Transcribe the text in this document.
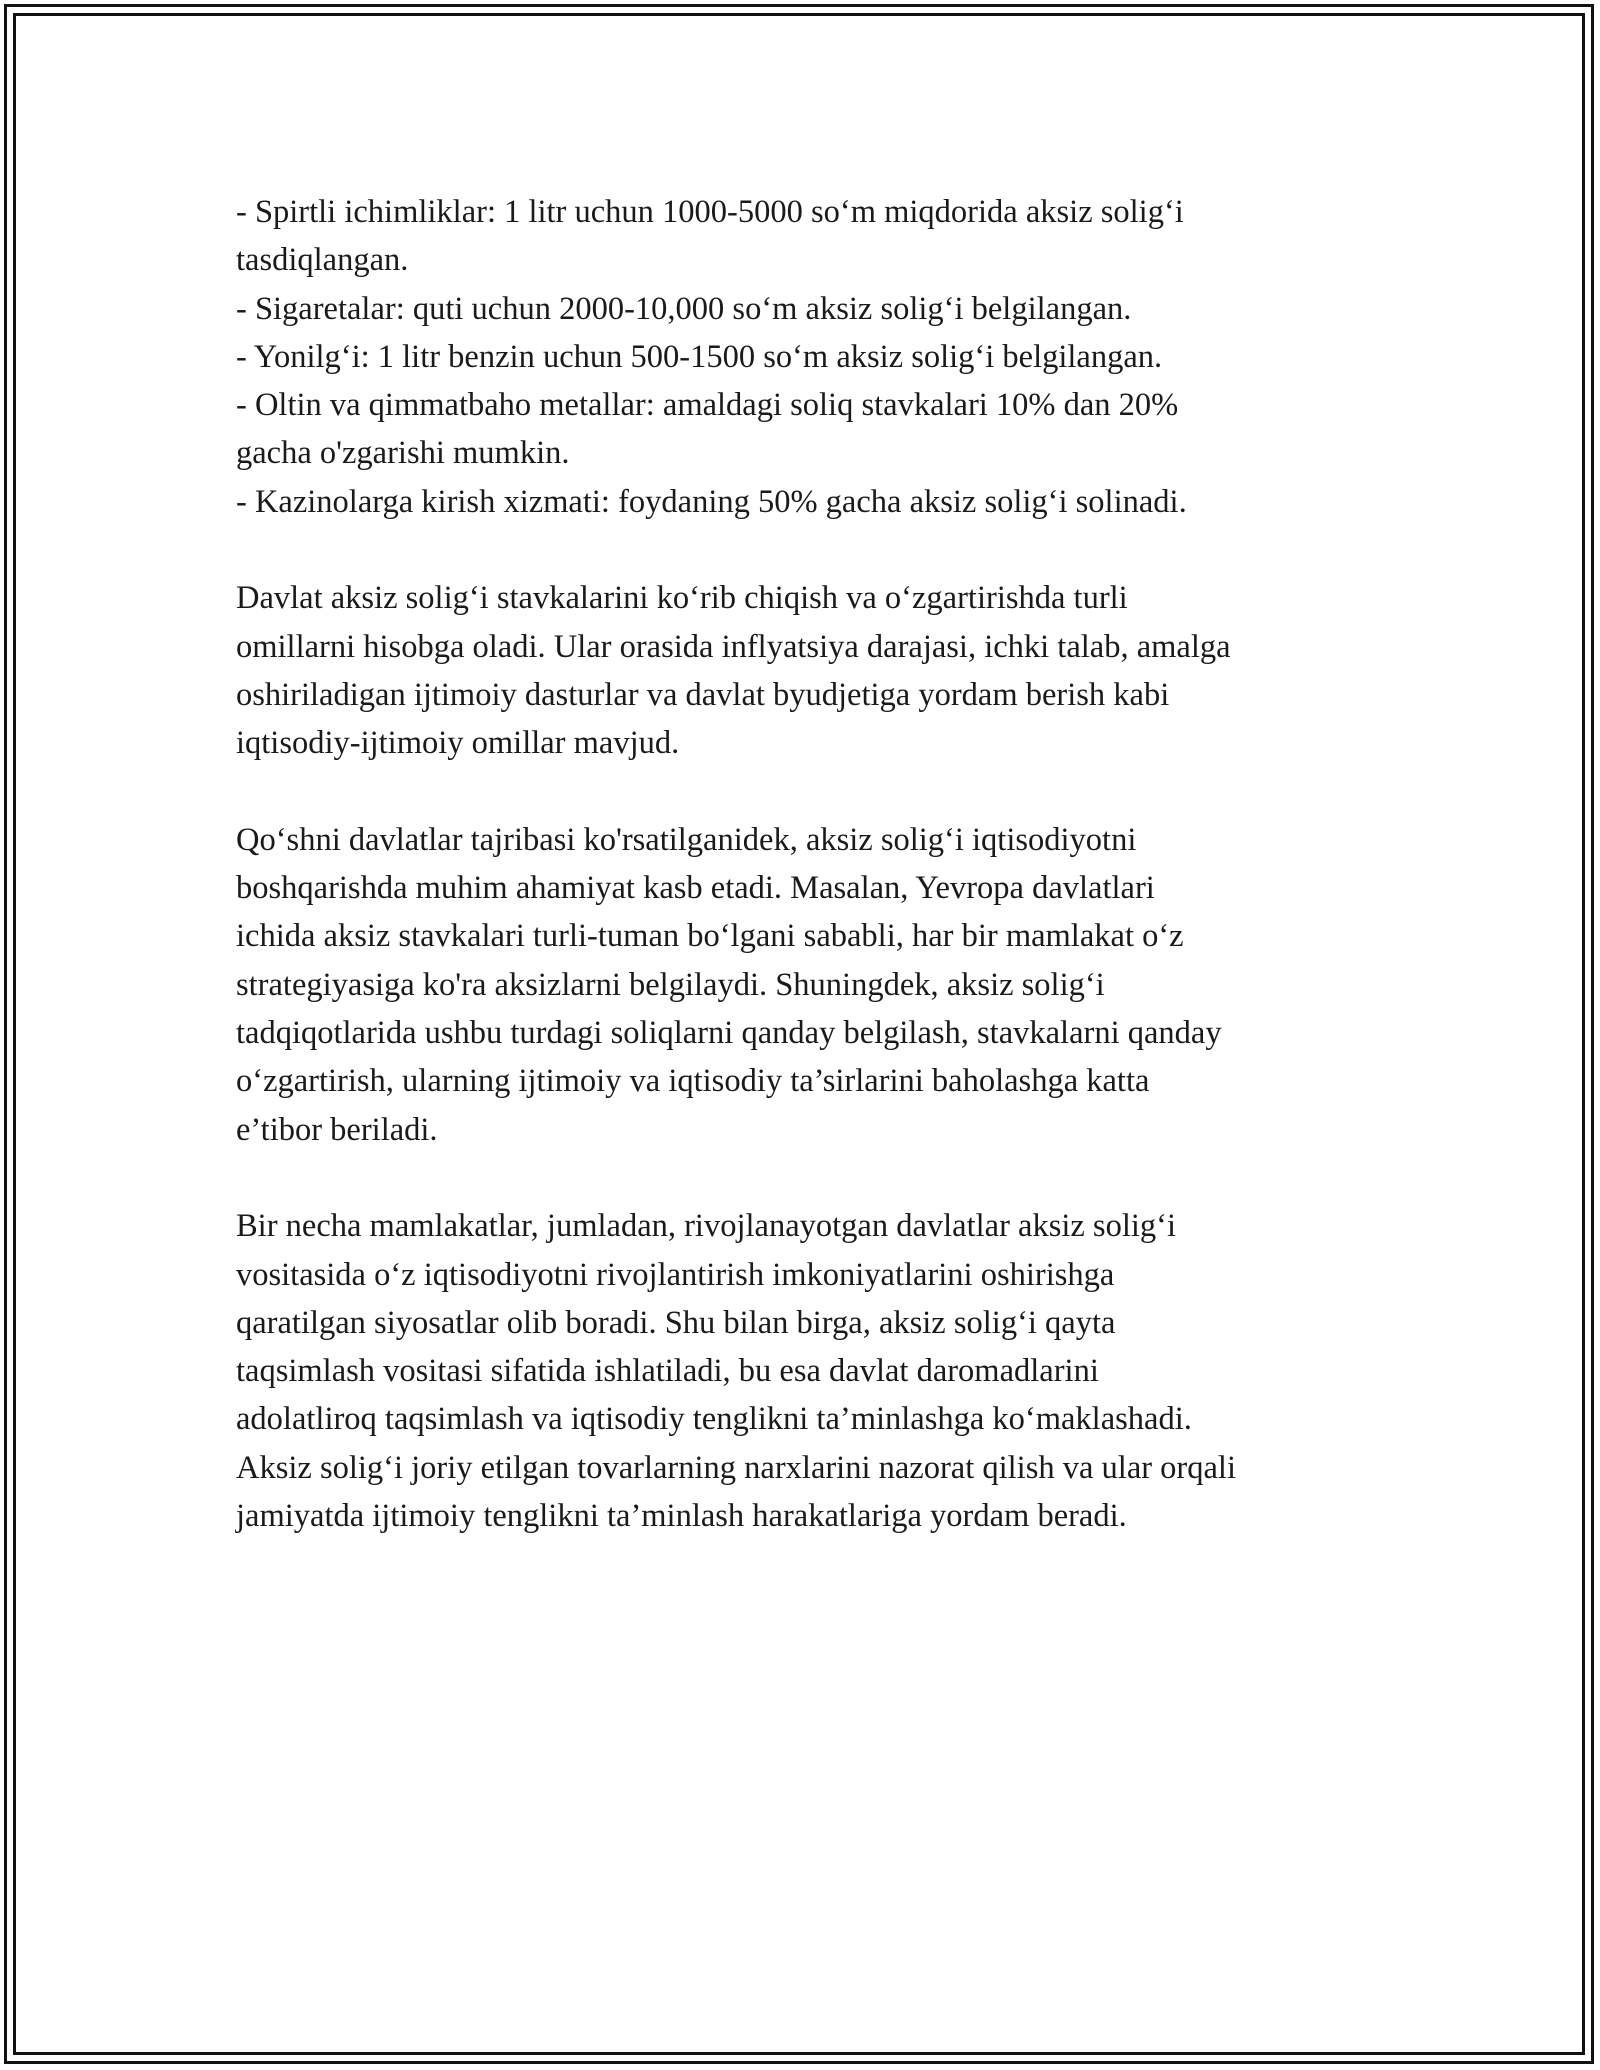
- Spirtli ichimliklar: 1 litr uchun 1000-5000 so‘m miqdorida aksiz solig‘i
tasdiqlangan.
- Sigaretalar: quti uchun 2000-10,000 so‘m aksiz solig‘i belgilangan.
- Yonilg‘i: 1 litr benzin uchun 500-1500 so‘m aksiz solig‘i belgilangan.
- Oltin va qimmatbaho metallar: amaldagi soliq stavkalari 10% dan 20%
gacha o'zgarishi mumkin.
- Kazinolarga kirish xizmati: foydaning 50% gacha aksiz solig‘i solinadi.
Davlat aksiz solig‘i stavkalarini ko‘rib chiqish va o‘zgartirishda turli
omillarni hisobga oladi. Ular orasida inflyatsiya darajasi, ichki talab, amalga
oshiriladigan ijtimoiy dasturlar va davlat byudjetiga yordam berish kabi
iqtisodiy-ijtimoiy omillar mavjud.
Qo‘shni davlatlar tajribasi ko'rsatilganidek, aksiz solig‘i iqtisodiyotni
boshqarishda muhim ahamiyat kasb etadi. Masalan, Yevropa davlatlari
ichida aksiz stavkalari turli-tuman bo‘lgani sababli, har bir mamlakat o‘z
strategiyasiga ko'ra aksizlarni belgilaydi. Shuningdek, aksiz solig‘i
tadqiqotlarida ushbu turdagi soliqlarni qanday belgilash, stavkalarni qanday
o‘zgartirish, ularning ijtimoiy va iqtisodiy ta’sirlarini baholashga katta
e’tibor beriladi.
Bir necha mamlakatlar, jumladan, rivojlanayotgan davlatlar aksiz solig‘i
vositasida o‘z iqtisodiyotni rivojlantirish imkoniyatlarini oshirishga
qaratilgan siyosatlar olib boradi. Shu bilan birga, aksiz solig‘i qayta
taqsimlash vositasi sifatida ishlatiladi, bu esa davlat daromadlarini
adolatliroq taqsimlash va iqtisodiy tenglikni ta’minlashga ko‘maklashadi.
Aksiz solig‘i joriy etilgan tovarlarning narxlarini nazorat qilish va ular orqali
jamiyatda ijtimoiy tenglikni ta’minlash harakatlariga yordam beradi.
